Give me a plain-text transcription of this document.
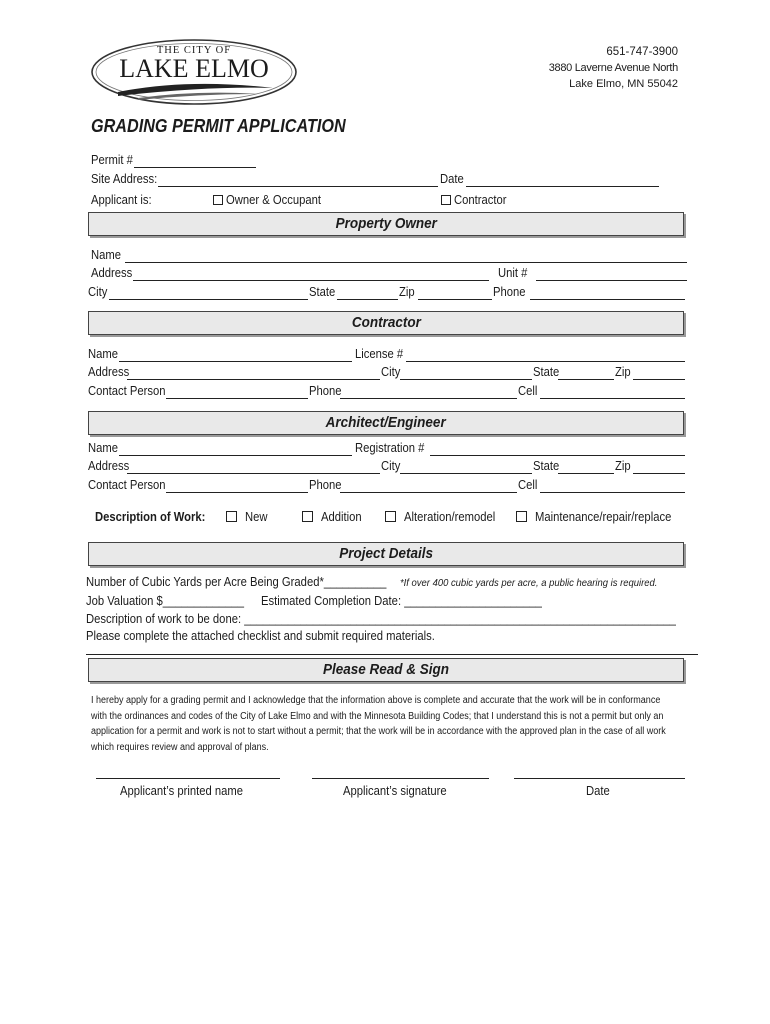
THE CITY OF
LAKE ELMO
651-747-3900
3880 Laverne Avenue North
Lake Elmo, MN 55042
GRADING PERMIT APPLICATION
Permit #
Site Address:	Date
Applicant is:	Owner & Occupant	Contractor
Property Owner
Name
Address	Unit #
City	State	Zip	Phone
Contractor
Name	License #
Address	City	State	Zip
Contact Person	Phone	Cell
Architect/Engineer
Name	Registration #
Address	City	State	Zip
Contact Person	Phone	Cell
Description of Work:	New	Addition	Alteration/remodel	Maintenance/repair/replace
Project Details
Number of Cubic Yards per Acre Being Graded*__________	*If over 400 cubic yards per acre, a public hearing is required.
Job Valuation $_____________	Estimated Completion Date: ______________________
Description of work to be done: _____________________________________________________________________
Please complete the attached checklist and submit required materials.
Please Read & Sign
I hereby apply for a grading permit and I acknowledge that the information above is complete and accurate that the work will be in conformance
with the ordinances and codes of the City of Lake Elmo and with the Minnesota Building Codes; that I understand this is not a permit but only an
application for a permit and work is not to start without a permit; that the work will be in accordance with the approved plan in the case of all work
which requires review and approval of plans.
Applicant’s printed name	Applicant’s signature	Date
